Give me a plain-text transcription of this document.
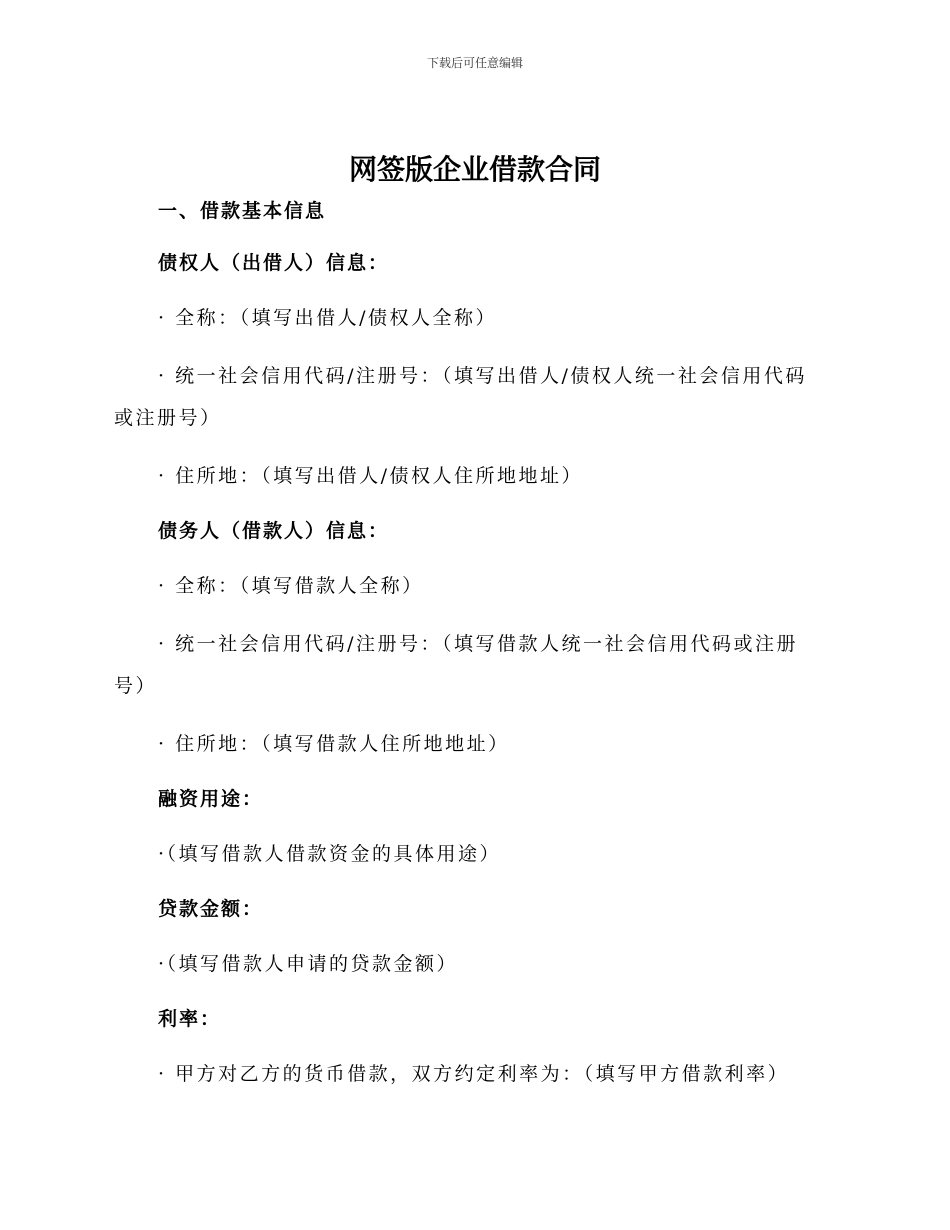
下载后可任意编辑
网签版企业借款合同

一、借款基本信息

债权人（出借人）信息：

· 全称：（填写出借人/债权人全称）

· 统一社会信用代码/注册号：（填写出借人/债权人统一社会信用代码或注册号）

· 住所地：（填写出借人/债权人住所地地址）

债务人（借款人）信息：

· 全称：（填写借款人全称）

· 统一社会信用代码/注册号：（填写借款人统一社会信用代码或注册号）

· 住所地：（填写借款人住所地地址）

融资用途：

·（填写借款人借款资金的具体用途）

贷款金额：

·（填写借款人申请的贷款金额）

利率：

· 甲方对乙方的货币借款，双方约定利率为：（填写甲方借款利率）
